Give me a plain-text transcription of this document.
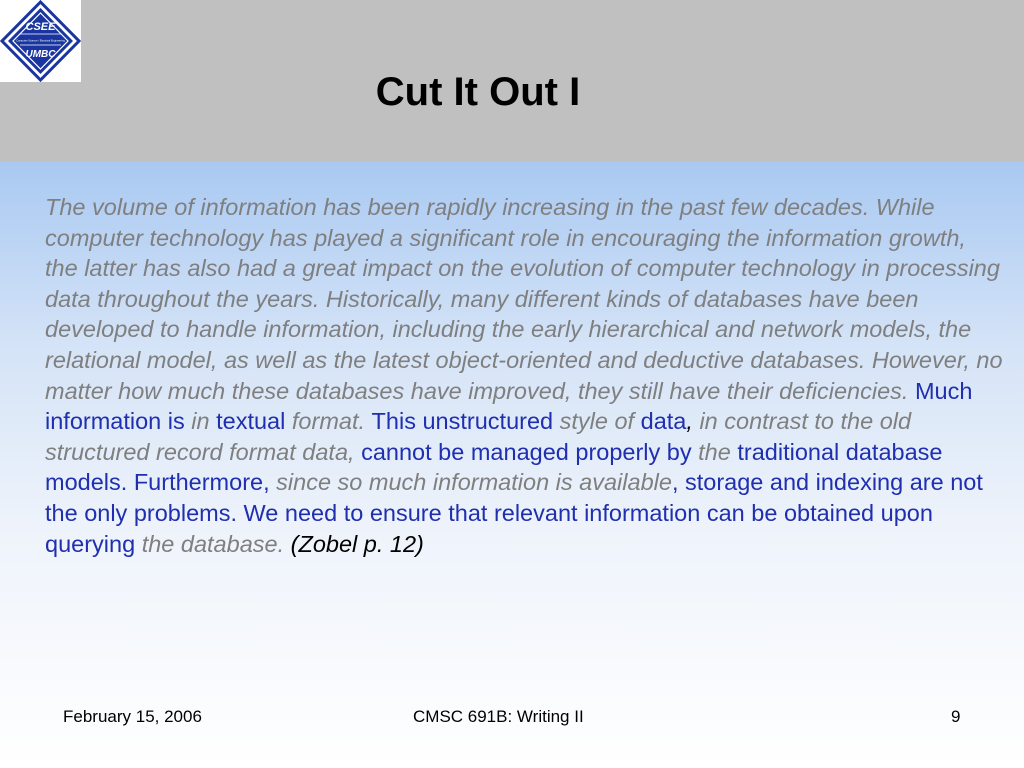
CSEE
Computer Science / Electrical Engineering
UMBC
Cut It Out I

The volume of information has been rapidly increasing in the past few decades. While computer technology has played a significant role in encouraging the information growth, the latter has also had a great impact on the evolution of computer technology in processing data throughout the years. Historically, many different kinds of databases have been developed to handle information, including the early hierarchical and network models, the relational model, as well as the latest object-oriented and deductive databases. However, no matter how much these databases have improved, they still have their deficiencies. Much information is in textual format. This unstructured style of data, in contrast to the old structured record format data, cannot be managed properly by the traditional database models. Furthermore, since so much information is available, storage and indexing are not the only problems. We need to ensure that relevant information can be obtained upon querying the database. (Zobel p. 12)

February 15, 2006	CMSC 691B: Writing II	9
